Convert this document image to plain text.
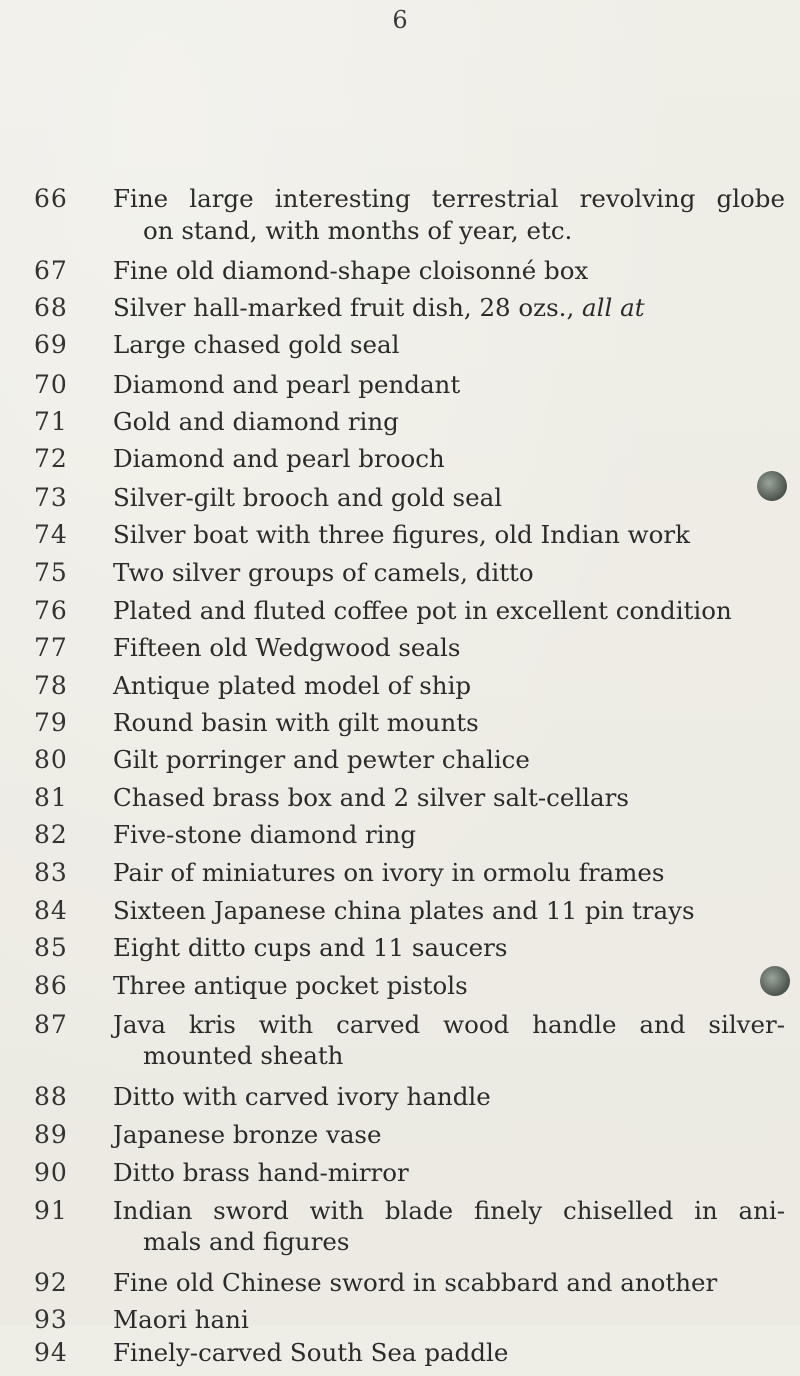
6
66	Fine large interesting terrestrial revolving globe
on stand, with months of year, etc.
67	Fine old diamond-shape cloisonné box
68	Silver hall-marked fruit dish, 28 ozs., all at
69	Large chased gold seal
70	Diamond and pearl pendant
71	Gold and diamond ring
72	Diamond and pearl brooch
73	Silver-gilt brooch and gold seal
74	Silver boat with three figures, old Indian work
75	Two silver groups of camels, ditto
76	Plated and fluted coffee pot in excellent condition
77	Fifteen old Wedgwood seals
78	Antique plated model of ship
79	Round basin with gilt mounts
80	Gilt porringer and pewter chalice
81	Chased brass box and 2 silver salt-cellars
82	Five-stone diamond ring
83	Pair of miniatures on ivory in ormolu frames
84	Sixteen Japanese china plates and 11 pin trays
85	Eight ditto cups and 11 saucers
86	Three antique pocket pistols
87	Java kris with carved wood handle and silver-
mounted sheath
88	Ditto with carved ivory handle
89	Japanese bronze vase
90	Ditto brass hand-mirror
91	Indian sword with blade finely chiselled in ani-
mals and figures
92	Fine old Chinese sword in scabbard and another
93	Maori hani
94	Finely-carved South Sea paddle
